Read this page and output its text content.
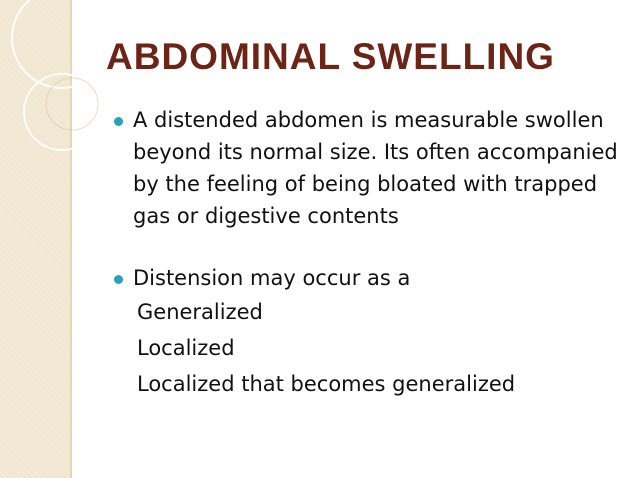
ABDOMINAL SWELLING
A distended abdomen is measurable swollen beyond its normal size. Its often accompanied by the feeling of being bloated with trapped gas or digestive contents
Distension may occur as a
Generalized
Localized
Localized that becomes generalized
